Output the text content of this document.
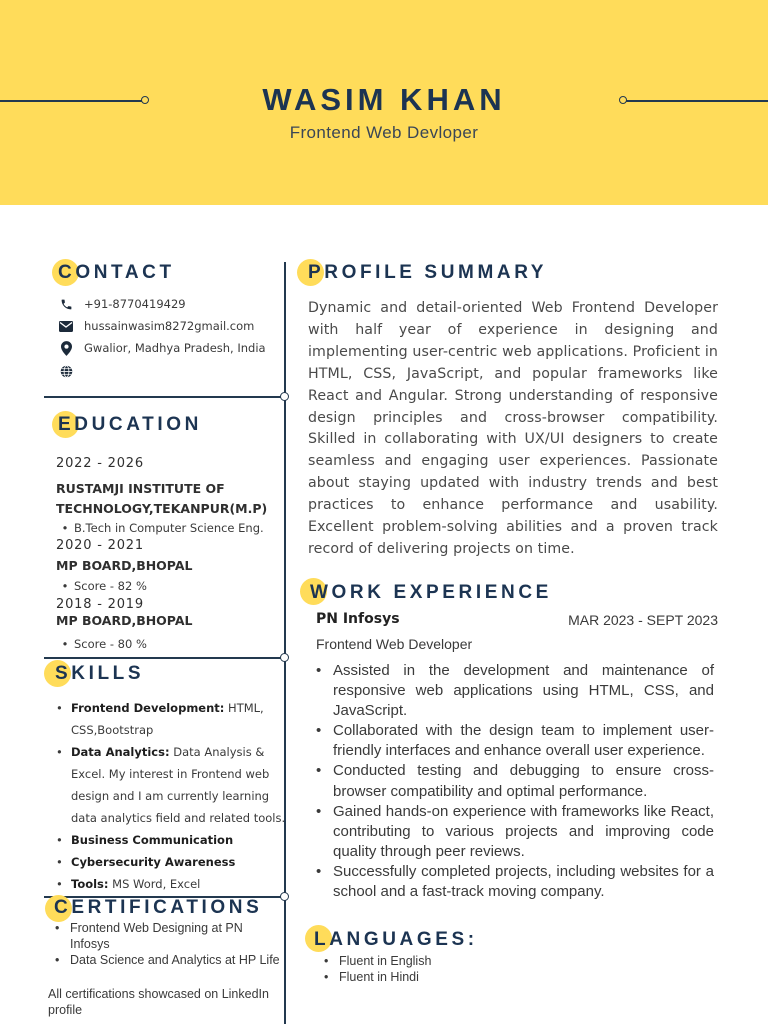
WASIM KHAN
Frontend Web Devloper
CONTACT
+91-8770419429
hussainwasim8272gmail.com
Gwalior, Madhya Pradesh, India
EDUCATION
2022 - 2026
RUSTAMJI INSTITUTE OF TECHNOLOGY,TEKANPUR(M.P)
• B.Tech in Computer Science Eng.
2020 - 2021
MP BOARD,BHOPAL
• Score - 82 %
2018 - 2019
MP BOARD,BHOPAL
• Score - 80 %
SKILLS
• Frontend Development: HTML, CSS,Bootstrap
• Data Analytics: Data Analysis & Excel. My interest in Frontend web design and I am currently learning data analytics field and related tools.
• Business Communication
• Cybersecurity Awareness
• Tools: MS Word, Excel
CERTIFICATIONS
• Frontend Web Designing at PN Infosys
• Data Science and Analytics at HP Life
All certifications showcased on LinkedIn profile
PROFILE SUMMARY
Dynamic and detail-oriented Web Frontend Developer with half year of experience in designing and implementing user-centric web applications. Proficient in HTML, CSS, JavaScript, and popular frameworks like React and Angular. Strong understanding of responsive design principles and cross-browser compatibility. Skilled in collaborating with UX/UI designers to create seamless and engaging user experiences. Passionate about staying updated with industry trends and best practices to enhance performance and usability. Excellent problem-solving abilities and a proven track record of delivering projects on time.
WORK EXPERIENCE
PN Infosys	MAR 2023 - SEPT 2023
Frontend Web Developer
• Assisted in the development and maintenance of responsive web applications using HTML, CSS, and JavaScript.
• Collaborated with the design team to implement user-friendly interfaces and enhance overall user experience.
• Conducted testing and debugging to ensure cross-browser compatibility and optimal performance.
• Gained hands-on experience with frameworks like React, contributing to various projects and improving code quality through peer reviews.
• Successfully completed projects, including websites for a school and a fast-track moving company.
LANGUAGES:
• Fluent in English
• Fluent in Hindi
